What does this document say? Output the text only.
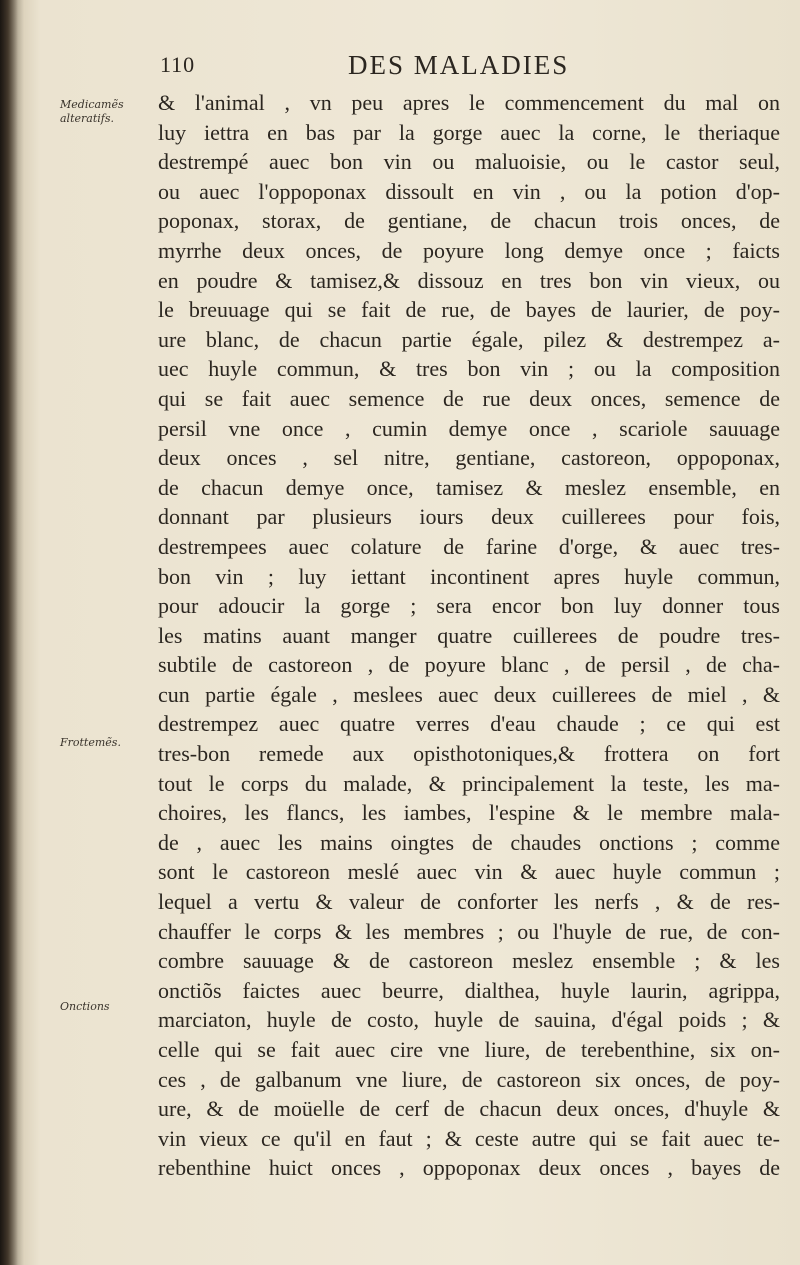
110	DES MALADIES
Medicamẽs alteratifs.
Frottemẽs.
Onctions
& l'animal , vn peu apres le commencement du mal on
luy iettra en bas par la gorge auec la corne, le theriaque
destrempé auec bon vin ou maluoisie, ou le castor seul,
ou auec l'oppoponax dissoult en vin , ou la potion d'op-
poponax, storax, de gentiane, de chacun trois onces, de
myrrhe deux onces, de poyure long demye once ; faicts
en poudre & tamisez,& dissouz en tres bon vin vieux, ou
le breuuage qui se fait de rue, de bayes de laurier, de poy-
ure blanc, de chacun partie égale, pilez & destrempez a-
uec huyle commun, & tres bon vin ; ou la composition
qui se fait auec semence de rue deux onces, semence de
persil vne once , cumin demye once , scariole sauuage
deux onces , sel nitre, gentiane, castoreon, oppoponax,
de chacun demye once, tamisez & meslez ensemble, en
donnant par plusieurs iours deux cuillerees pour fois,
destrempees auec colature de farine d'orge, & auec tres-
bon vin ; luy iettant incontinent apres huyle commun,
pour adoucir la gorge ; sera encor bon luy donner tous
les matins auant manger quatre cuillerees de poudre tres-
subtile de castoreon , de poyure blanc , de persil , de cha-
cun partie égale , meslees auec deux cuillerees de miel , &
destrempez auec quatre verres d'eau chaude ; ce qui est
tres-bon remede aux opisthotoniques,& frottera on fort
tout le corps du malade, & principalement la teste, les ma-
choires, les flancs, les iambes, l'espine & le membre mala-
de , auec les mains oingtes de chaudes onctions ; comme
sont le castoreon meslé auec vin & auec huyle commun ;
lequel a vertu & valeur de conforter les nerfs , & de res-
chauffer le corps & les membres ; ou l'huyle de rue, de con-
combre sauuage & de castoreon meslez ensemble ; & les
onctiõs faictes auec beurre, dialthea, huyle laurin, agrippa,
marciaton, huyle de costo, huyle de sauina, d'égal poids ; &
celle qui se fait auec cire vne liure, de terebenthine, six on-
ces , de galbanum vne liure, de castoreon six onces, de poy-
ure, & de moüelle de cerf de chacun deux onces, d'huyle &
vin vieux ce qu'il en faut ; & ceste autre qui se fait auec te-
rebenthine huict onces , oppoponax deux onces , bayes de
